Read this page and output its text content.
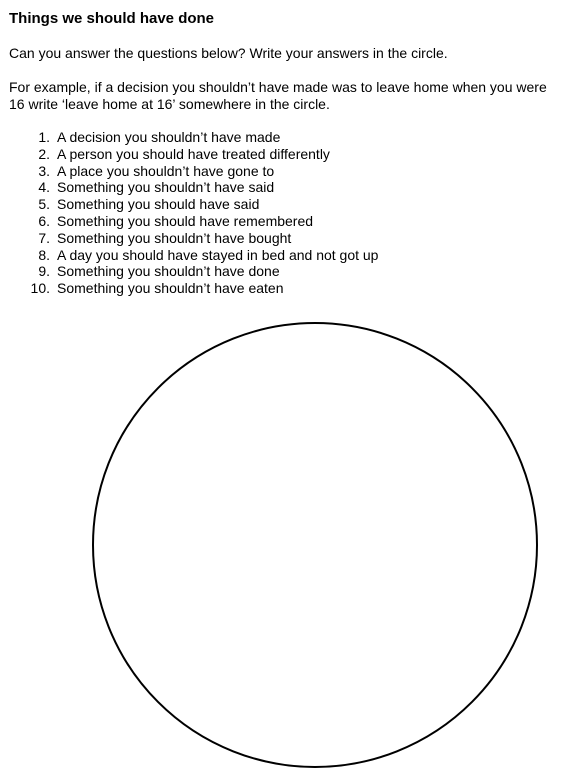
Things we should have done
Can you answer the questions below? Write your answers in the circle.
For example, if a decision you shouldn’t have made was to leave home when you were
16 write ‘leave home at 16’ somewhere in the circle.
1. A decision you shouldn’t have made
2. A person you should have treated differently
3. A place you shouldn’t have gone to
4. Something you shouldn’t have said
5. Something you should have said
6. Something you should have remembered
7. Something you shouldn’t have bought
8. A day you should have stayed in bed and not got up
9. Something you shouldn’t have done
10. Something you shouldn’t have eaten
